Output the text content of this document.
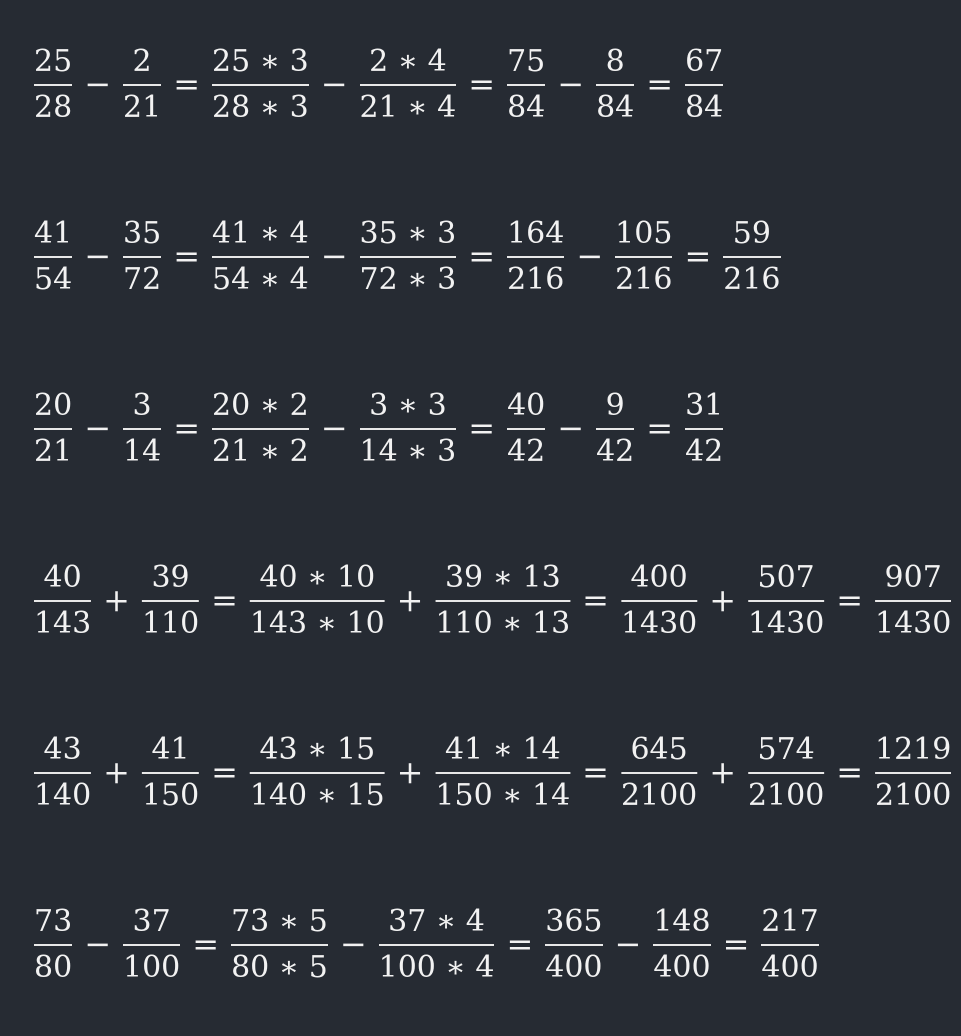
$\frac{25}{28} - \frac{2}{21} = \frac{25 ∗ 3}{28 ∗ 3} - \frac{2 ∗ 4}{21 ∗ 4} = \frac{75}{84} - \frac{8}{84} = \frac{67}{84}$
$\frac{41}{54} - \frac{35}{72} = \frac{41 ∗ 4}{54 ∗ 4} - \frac{35 ∗ 3}{72 ∗ 3} = \frac{164}{216} - \frac{105}{216} = \frac{59}{216}$
$\frac{20}{21} - \frac{3}{14} = \frac{20 ∗ 2}{21 ∗ 2} - \frac{3 ∗ 3}{14 ∗ 3} = \frac{40}{42} - \frac{9}{42} = \frac{31}{42}$
$\frac{40}{143} + \frac{39}{110} = \frac{40 ∗ 10}{143 ∗ 10} + \frac{39 ∗ 13}{110 ∗ 13} = \frac{400}{1430} + \frac{507}{1430} = \frac{907}{1430}$
$\frac{43}{140} + \frac{41}{150} = \frac{43 ∗ 15}{140 ∗ 15} + \frac{41 ∗ 14}{150 ∗ 14} = \frac{645}{2100} + \frac{574}{2100} = \frac{1219}{2100}$
$\frac{73}{80} - \frac{37}{100} = \frac{73 ∗ 5}{80 ∗ 5} - \frac{37 ∗ 4}{100 ∗ 4} = \frac{365}{400} - \frac{148}{400} = \frac{217}{400}$
